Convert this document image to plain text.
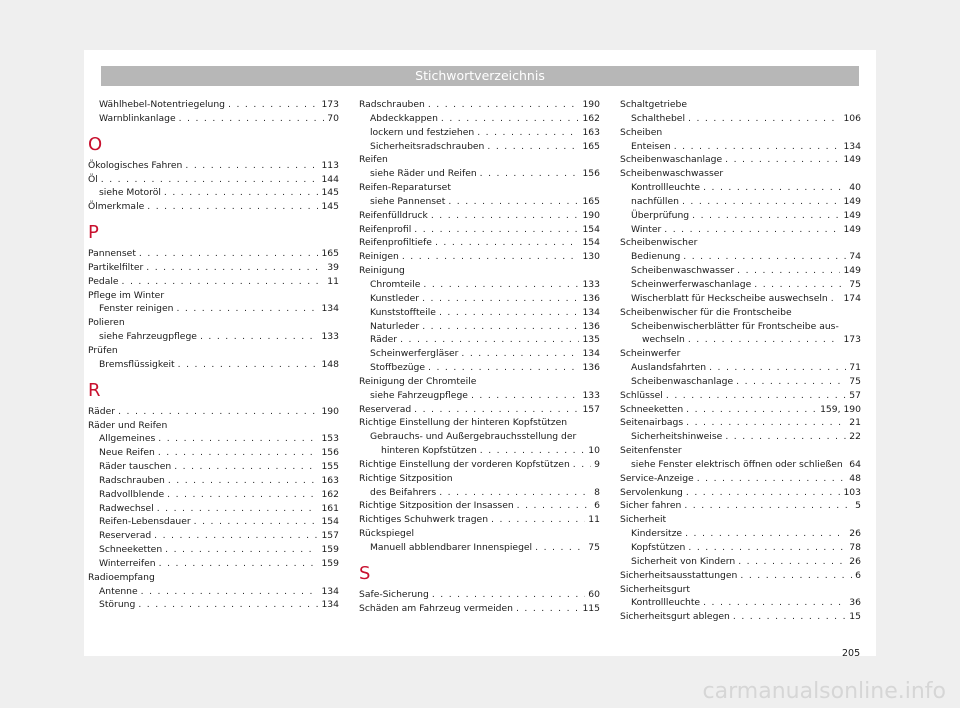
Stichwortverzeichnis
Wählhebel-Notentriegelung . . .	173
Warnblinkanlage . . .	70
O
Ökologisches Fahren . . .	113
Öl . . .	144
siehe Motoröl . . .	145
Ölmerkmale . . .	145
P
Pannenset . . .	165
Partikelfilter . . .	39
Pedale . . .	11
Pflege im Winter
Fenster reinigen . . .	134
Polieren
siehe Fahrzeugpflege . . .	133
Prüfen
Bremsflüssigkeit . . .	148
R
Räder . . .	190
Räder und Reifen
Allgemeines . . .	153
Neue Reifen . . .	156
Räder tauschen . . .	155
Radschrauben . . .	163
Radvollblende . . .	162
Radwechsel . . .	161
Reifen-Lebensdauer . . .	154
Reserverad . . .	157
Schneeketten . . .	159
Winterreifen . . .	159
Radioempfang
Antenne . . .	134
Störung . . .	134
Radschrauben . . .	190
Abdeckkappen . . .	162
lockern und festziehen . . .	163
Sicherheitsradschrauben . . .	165
Reifen
siehe Räder und Reifen . . .	156
Reifen-Reparaturset
siehe Pannenset . . .	165
Reifenfülldruck . . .	190
Reifenprofil . . .	154
Reifenprofiltiefe . . .	154
Reinigen . . .	130
Reinigung
Chromteile . . .	133
Kunstleder . . .	136
Kunststoffteile . . .	134
Naturleder . . .	136
Räder . . .	135
Scheinwerfergläser . . .	134
Stoffbezüge . . .	136
Reinigung der Chromteile
siehe Fahrzeugpflege . . .	133
Reserverad . . .	157
Richtige Einstellung der hinteren Kopfstützen
Gebrauchs- und Außergebrauchsstellung der
hinteren Kopfstützen . . .	10
Richtige Einstellung der vorderen Kopfstützen . . .	9
Richtige Sitzposition
des Beifahrers . . .	8
Richtige Sitzposition der Insassen . . .	6
Richtiges Schuhwerk tragen . . .	11
Rückspiegel
Manuell abblendbarer Innenspiegel . . .	75
S
Safe-Sicherung . . .	60
Schäden am Fahrzeug vermeiden . . .	115
Schaltgetriebe
Schalthebel . . .	106
Scheiben
Enteisen . . .	134
Scheibenwaschanlage . . .	149
Scheibenwaschwasser
Kontrollleuchte . . .	40
nachfüllen . . .	149
Überprüfung . . .	149
Winter . . .	149
Scheibenwischer
Bedienung . . .	74
Scheibenwaschwasser . . .	149
Scheinwerferwaschanlage . . .	75
Wischerblatt für Heckscheibe auswechseln . . .	174
Scheibenwischer für die Frontscheibe
Scheibenwischerblätter für Frontscheibe aus-
wechseln . . .	173
Scheinwerfer
Auslandsfahrten . . .	71
Scheibenwaschanlage . . .	75
Schlüssel . . .	57
Schneeketten . . .	159, 190
Seitenairbags . . .	21
Sicherheitshinweise . . .	22
Seitenfenster
siehe Fenster elektrisch öffnen oder schließen 64
Service-Anzeige . . .	48
Servolenkung . . .	103
Sicher fahren . . .	5
Sicherheit
Kindersitze . . .	26
Kopfstützen . . .	78
Sicherheit von Kindern . . .	26
Sicherheitsausstattungen . . .	6
Sicherheitsgurt
Kontrollleuchte . . .	36
Sicherheitsgurt ablegen . . .	15
205
carmanualsonline.info
